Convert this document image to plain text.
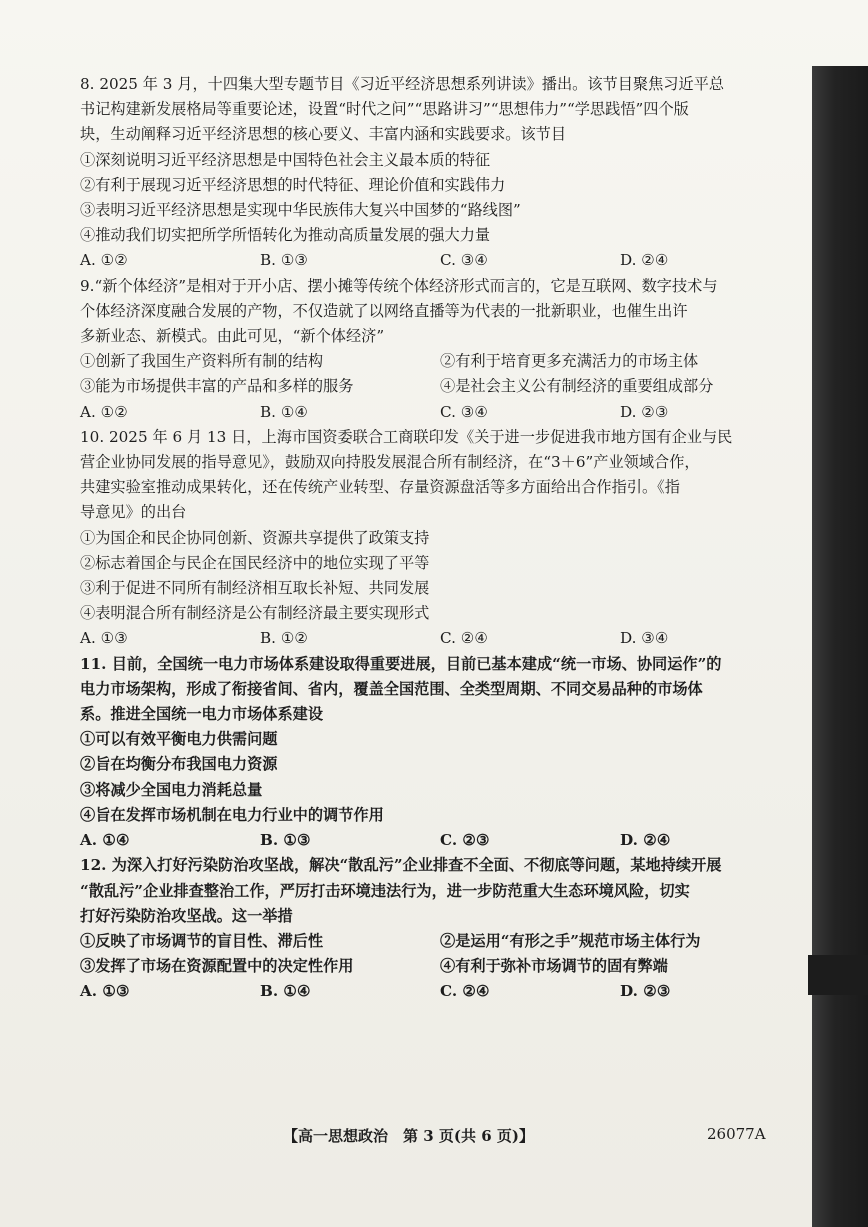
8. 2025 年 3 月，十四集大型专题节目《习近平经济思想系列讲读》播出。该节目聚焦习近平总

书记构建新发展格局等重要论述，设置“时代之问”“思路讲习”“思想伟力”“学思践悟”四个版

块，生动阐释习近平经济思想的核心要义、丰富内涵和实践要求。该节目

①深刻说明习近平经济思想是中国特色社会主义最本质的特征

②有利于展现习近平经济思想的时代特征、理论价值和实践伟力

③表明习近平经济思想是实现中华民族伟大复兴中国梦的“路线图”

④推动我们切实把所学所悟转化为推动高质量发展的强大力量

A. ①②	B. ①③	C. ③④	D. ②④

9.“新个体经济”是相对于开小店、摆小摊等传统个体经济形式而言的，它是互联网、数字技术与

个体经济深度融合发展的产物，不仅造就了以网络直播等为代表的一批新职业，也催生出许

多新业态、新模式。由此可见，“新个体经济”

①创新了我国生产资料所有制的结构	②有利于培育更多充满活力的市场主体
③能为市场提供丰富的产品和多样的服务	④是社会主义公有制经济的重要组成部分
A. ①②	B. ①④	C. ③④	D. ②③

10. 2025 年 6 月 13 日，上海市国资委联合工商联印发《关于进一步促进我市地方国有企业与民

营企业协同发展的指导意见》，鼓励双向持股发展混合所有制经济，在“3＋6”产业领域合作，

共建实验室推动成果转化，还在传统产业转型、存量资源盘活等多方面给出合作指引。《指

导意见》的出台

①为国企和民企协同创新、资源共享提供了政策支持

②标志着国企与民企在国民经济中的地位实现了平等

③利于促进不同所有制经济相互取长补短、共同发展

④表明混合所有制经济是公有制经济最主要实现形式

A. ①③	B. ①②	C. ②④	D. ③④

11. 目前，全国统一电力市场体系建设取得重要进展，目前已基本建成“统一市场、协同运作”的

电力市场架构，形成了衔接省间、省内，覆盖全国范围、全类型周期、不同交易品种的市场体

系。推进全国统一电力市场体系建设

①可以有效平衡电力供需问题

②旨在均衡分布我国电力资源

③将减少全国电力消耗总量

④旨在发挥市场机制在电力行业中的调节作用

A. ①④	B. ①③	C. ②③	D. ②④

12. 为深入打好污染防治攻坚战，解决“散乱污”企业排查不全面、不彻底等问题，某地持续开展

“散乱污”企业排查整治工作，严厉打击环境违法行为，进一步防范重大生态环境风险，切实

打好污染防治攻坚战。这一举措

①反映了市场调节的盲目性、滞后性	②是运用“有形之手”规范市场主体行为
③发挥了市场在资源配置中的决定性作用	④有利于弥补市场调节的固有弊端
A. ①③	B. ①④	C. ②④	D. ②③
【高一思想政治　第 3 页(共 6 页)】	26077A
